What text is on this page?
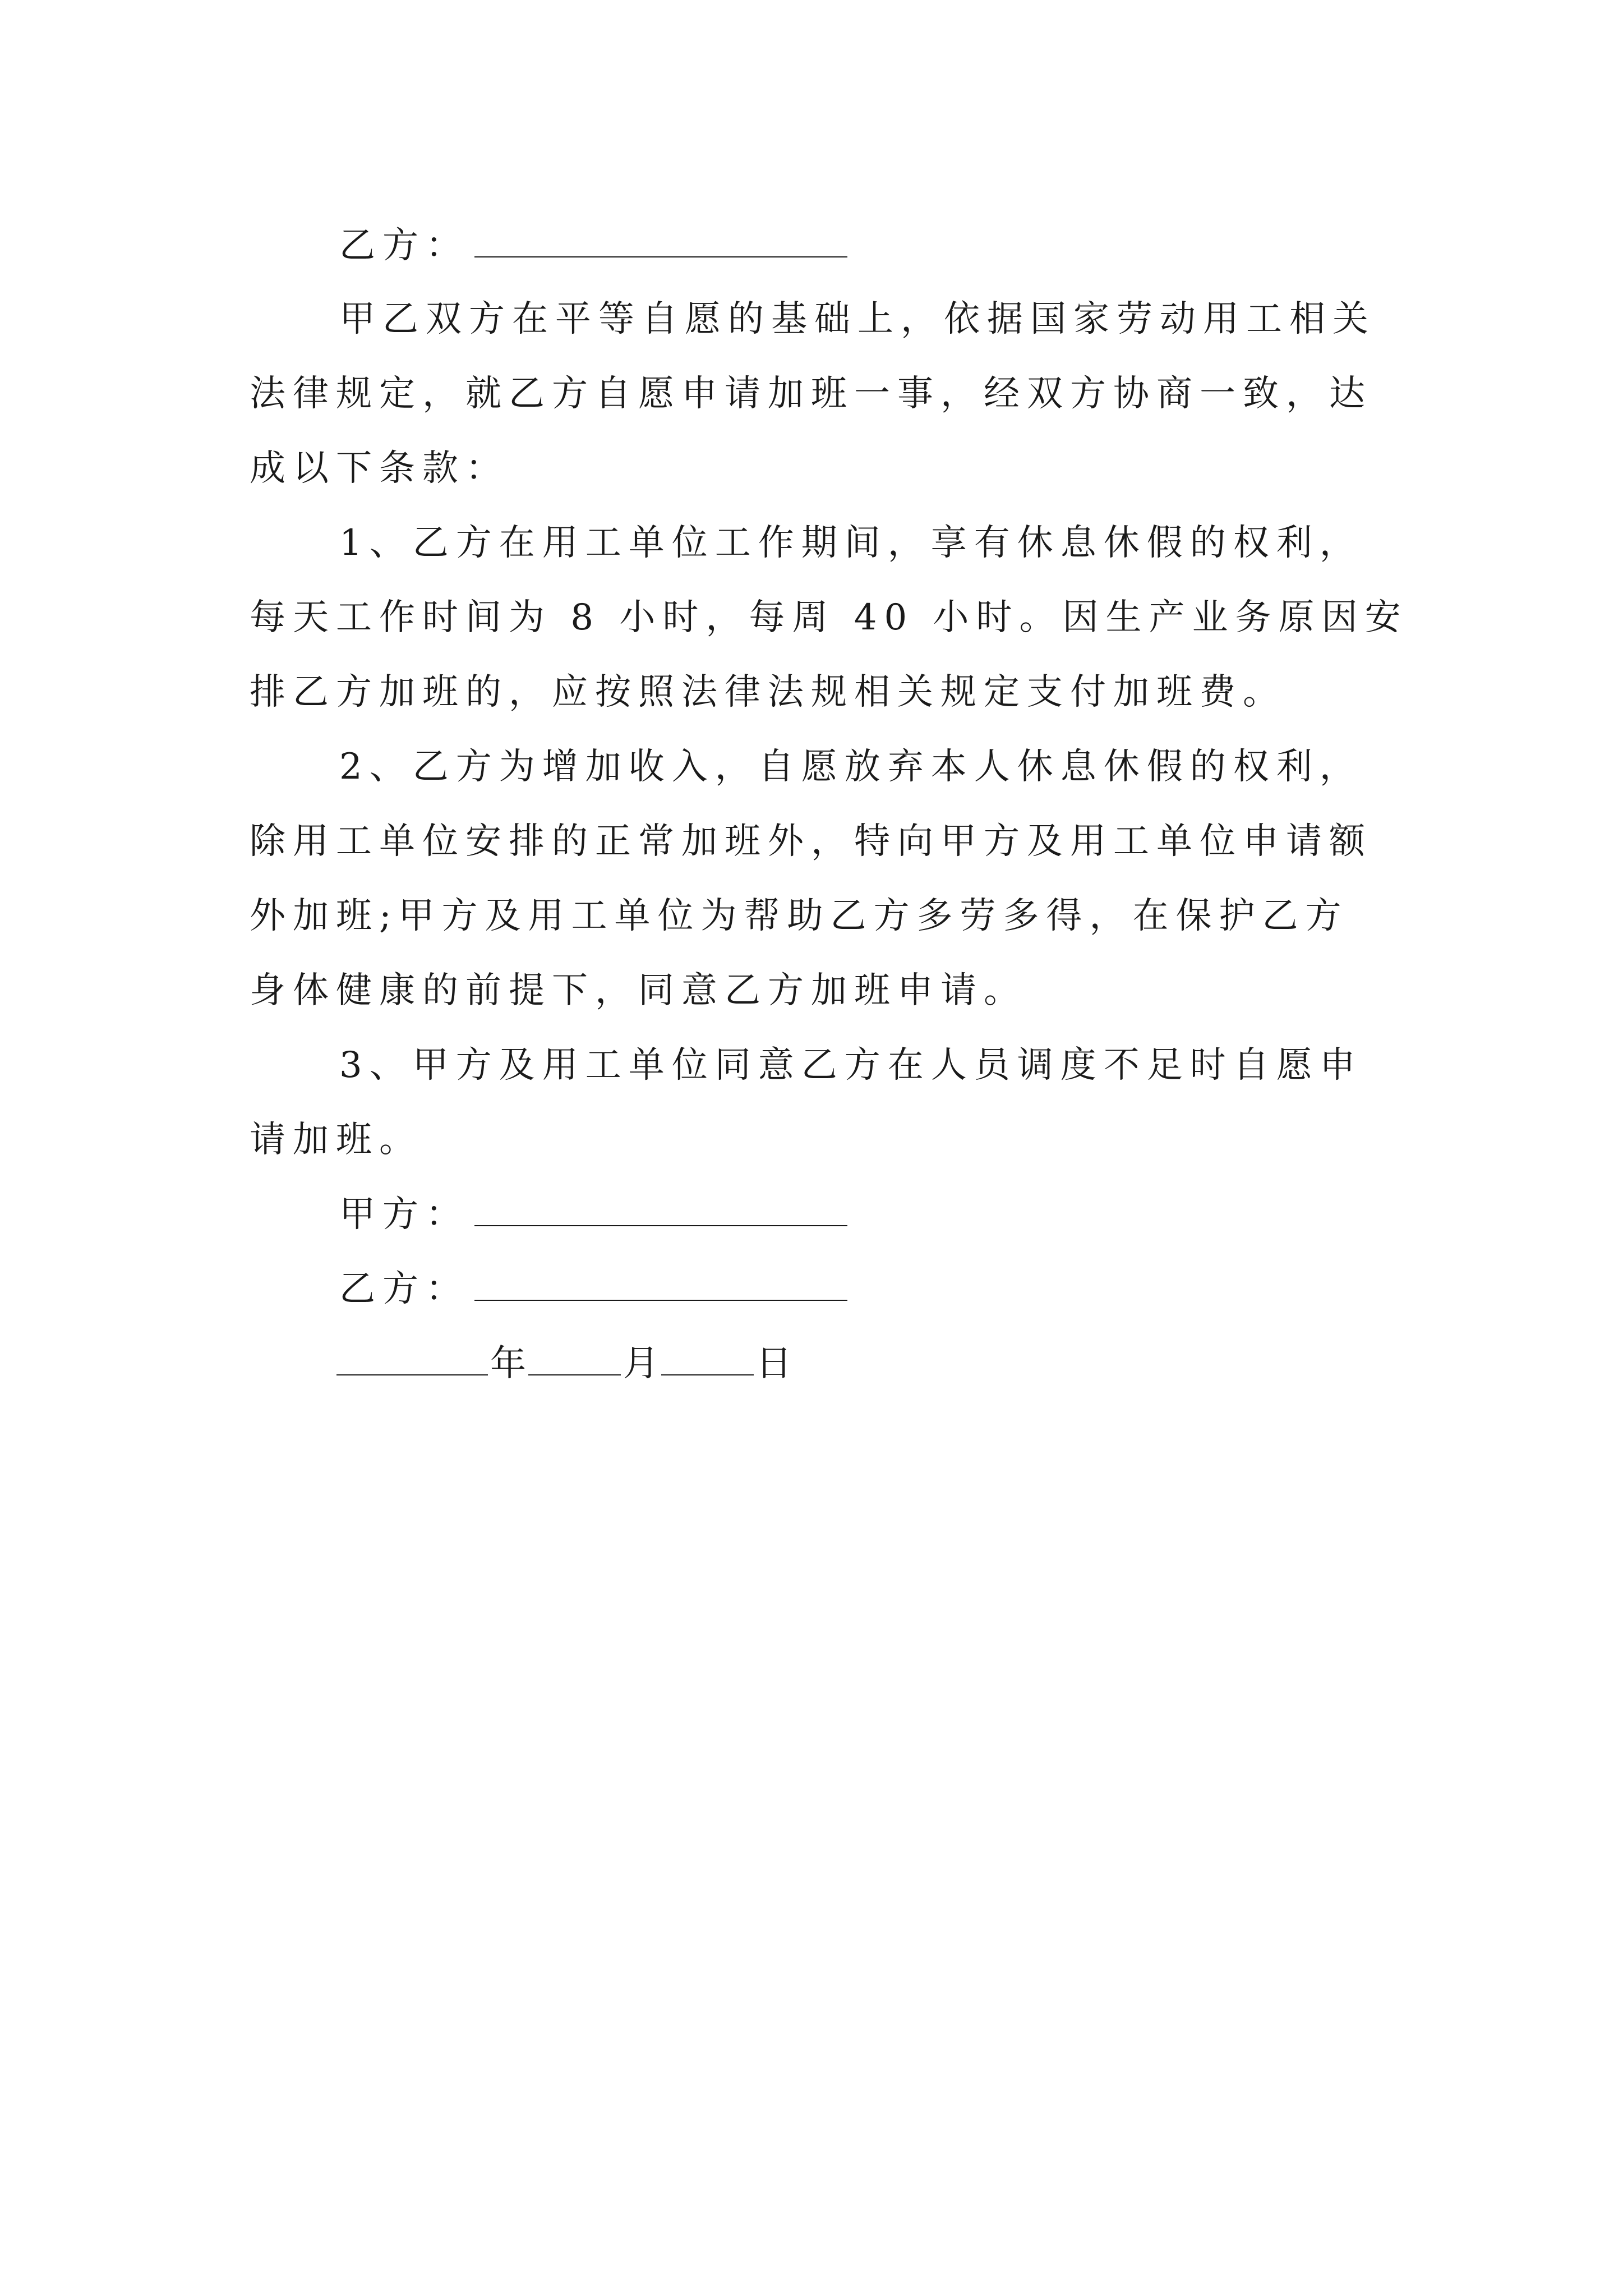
乙方：
甲乙双方在平等自愿的基础上，依据国家劳动用工相关
法律规定，就乙方自愿申请加班一事，经双方协商一致，达
成以下条款：
1、乙方在用工单位工作期间，享有休息休假的权利，
每天工作时间为 8 小时，每周 40 小时。因生产业务原因安
排乙方加班的，应按照法律法规相关规定支付加班费。
2、乙方为增加收入，自愿放弃本人休息休假的权利，
除用工单位安排的正常加班外，特向甲方及用工单位申请额
外加班;甲方及用工单位为帮助乙方多劳多得，在保护乙方
身体健康的前提下，同意乙方加班申请。
3、甲方及用工单位同意乙方在人员调度不足时自愿申
请加班。
甲方：
乙方：
年	月	日
